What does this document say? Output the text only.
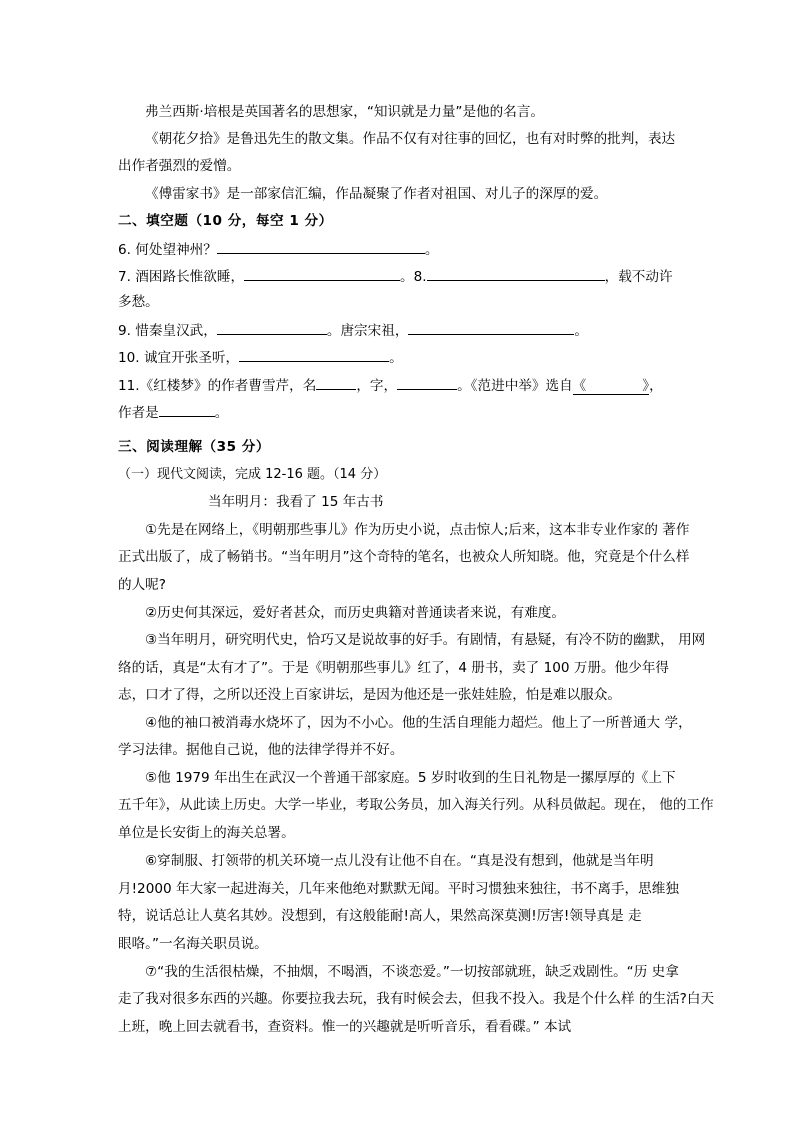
弗兰西斯·培根是英国著名的思想家，“知识就是力量”是他的名言。
《朝花夕拾》是鲁迅先生的散文集。作品不仅有对往事的回忆，也有对时弊的批判，表达
出作者强烈的爱憎。
《傅雷家书》是一部家信汇编，作品凝聚了作者对祖国、对儿子的深厚的爱。
二、填空题（10 分，每空 1 分）
6. 何处望神州？	。
7. 酒困路长惟欲睡，	。8.	，载不动许
多愁。
9. 惜秦皇汉武，	。唐宗宋祖，	。
10. 诚宜开张圣听，	。
11.《红楼梦》的作者曹雪芹，名	，字，	。《范进中举》选自《	》，
作者是	。
三、阅读理解（35 分）
（一）现代文阅读，完成 12-16 题。（14 分）
当年明月：我看了 15 年古书
①先是在网络上，《明朝那些事儿》作为历史小说，点击惊人;后来，这本非专业作家的 著作
正式出版了，成了畅销书。“当年明月”这个奇特的笔名，也被众人所知晓。他，究竟是个什么样
的人呢?
②历史何其深远，爱好者甚众，而历史典籍对普通读者来说，有难度。
③当年明月，研究明代史，恰巧又是说故事的好手。有剧情，有悬疑，有冷不防的幽默， 用网
络的话，真是“太有才了”。于是《明朝那些事儿》红了，4 册书，卖了 100 万册。他少年得
志，口才了得，之所以还没上百家讲坛，是因为他还是一张娃娃脸，怕是难以服众。
④他的袖口被消毒水烧坏了，因为不小心。他的生活自理能力超烂。他上了一所普通大 学，
学习法律。据他自己说，他的法律学得并不好。
⑤他 1979 年出生在武汉一个普通干部家庭。5 岁时收到的生日礼物是一摞厚厚的《上下
五千年》，从此读上历史。大学一毕业，考取公务员，加入海关行列。从科员做起。现在， 他的工作
单位是长安街上的海关总署。
⑥穿制服、打领带的机关环境一点儿没有让他不自在。“真是没有想到，他就是当年明
月!2000 年大家一起进海关，几年来他绝对默默无闻。平时习惯独来独往，书不离手，思维独
特，说话总让人莫名其妙。没想到，有这般能耐!高人，果然高深莫测!厉害!领导真是 走
眼咯。”一名海关职员说。
⑦“我的生活很枯燥，不抽烟，不喝酒，不谈恋爱。”一切按部就班，缺乏戏剧性。“历 史拿
走了我对很多东西的兴趣。你要拉我去玩，我有时候会去，但我不投入。我是个什么样 的生活?白天
上班，晚上回去就看书，查资料。惟一的兴趣就是听听音乐，看看碟。” 本试
